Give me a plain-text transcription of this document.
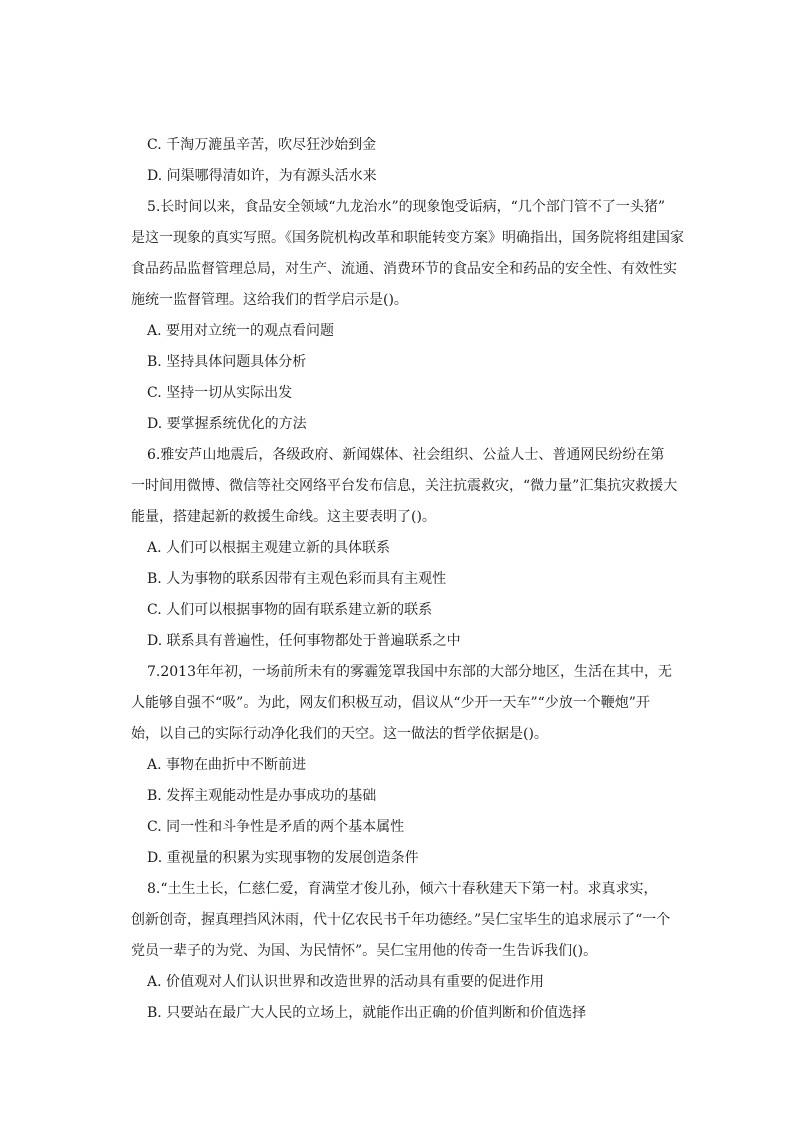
C. 千淘万漉虽辛苦，吹尽狂沙始到金
D. 问渠哪得清如许，为有源头活水来
5.长时间以来，食品安全领域“九龙治水”的现象饱受诟病，“几个部门管不了一头猪”
是这一现象的真实写照。《国务院机构改革和职能转变方案》明确指出，国务院将组建国家
食品药品监督管理总局，对生产、流通、消费环节的食品安全和药品的安全性、有效性实
施统一监督管理。这给我们的哲学启示是()。
A. 要用对立统一的观点看问题
B. 坚持具体问题具体分析
C. 坚持一切从实际出发
D. 要掌握系统优化的方法
6.雅安芦山地震后，各级政府、新闻媒体、社会组织、公益人士、普通网民纷纷在第
一时间用微博、微信等社交网络平台发布信息，关注抗震救灾，“微力量”汇集抗灾救援大
能量，搭建起新的救援生命线。这主要表明了()。
A. 人们可以根据主观建立新的具体联系
B. 人为事物的联系因带有主观色彩而具有主观性
C. 人们可以根据事物的固有联系建立新的联系
D. 联系具有普遍性，任何事物都处于普遍联系之中
7.2013年年初，一场前所未有的雾霾笼罩我国中东部的大部分地区，生活在其中，无
人能够自强不“吸”。为此，网友们积极互动，倡议从“少开一天车”“少放一个鞭炮”开
始，以自己的实际行动净化我们的天空。这一做法的哲学依据是()。
A. 事物在曲折中不断前进
B. 发挥主观能动性是办事成功的基础
C. 同一性和斗争性是矛盾的两个基本属性
D. 重视量的积累为实现事物的发展创造条件
8.“土生土长，仁慈仁爱，育满堂才俊儿孙，倾六十春秋建天下第一村。求真求实，
创新创奇，握真理挡风沐雨，代十亿农民书千年功德经。”吴仁宝毕生的追求展示了“一个
党员一辈子的为党、为国、为民情怀”。吴仁宝用他的传奇一生告诉我们()。
A. 价值观对人们认识世界和改造世界的活动具有重要的促进作用
B. 只要站在最广大人民的立场上，就能作出正确的价值判断和价值选择
